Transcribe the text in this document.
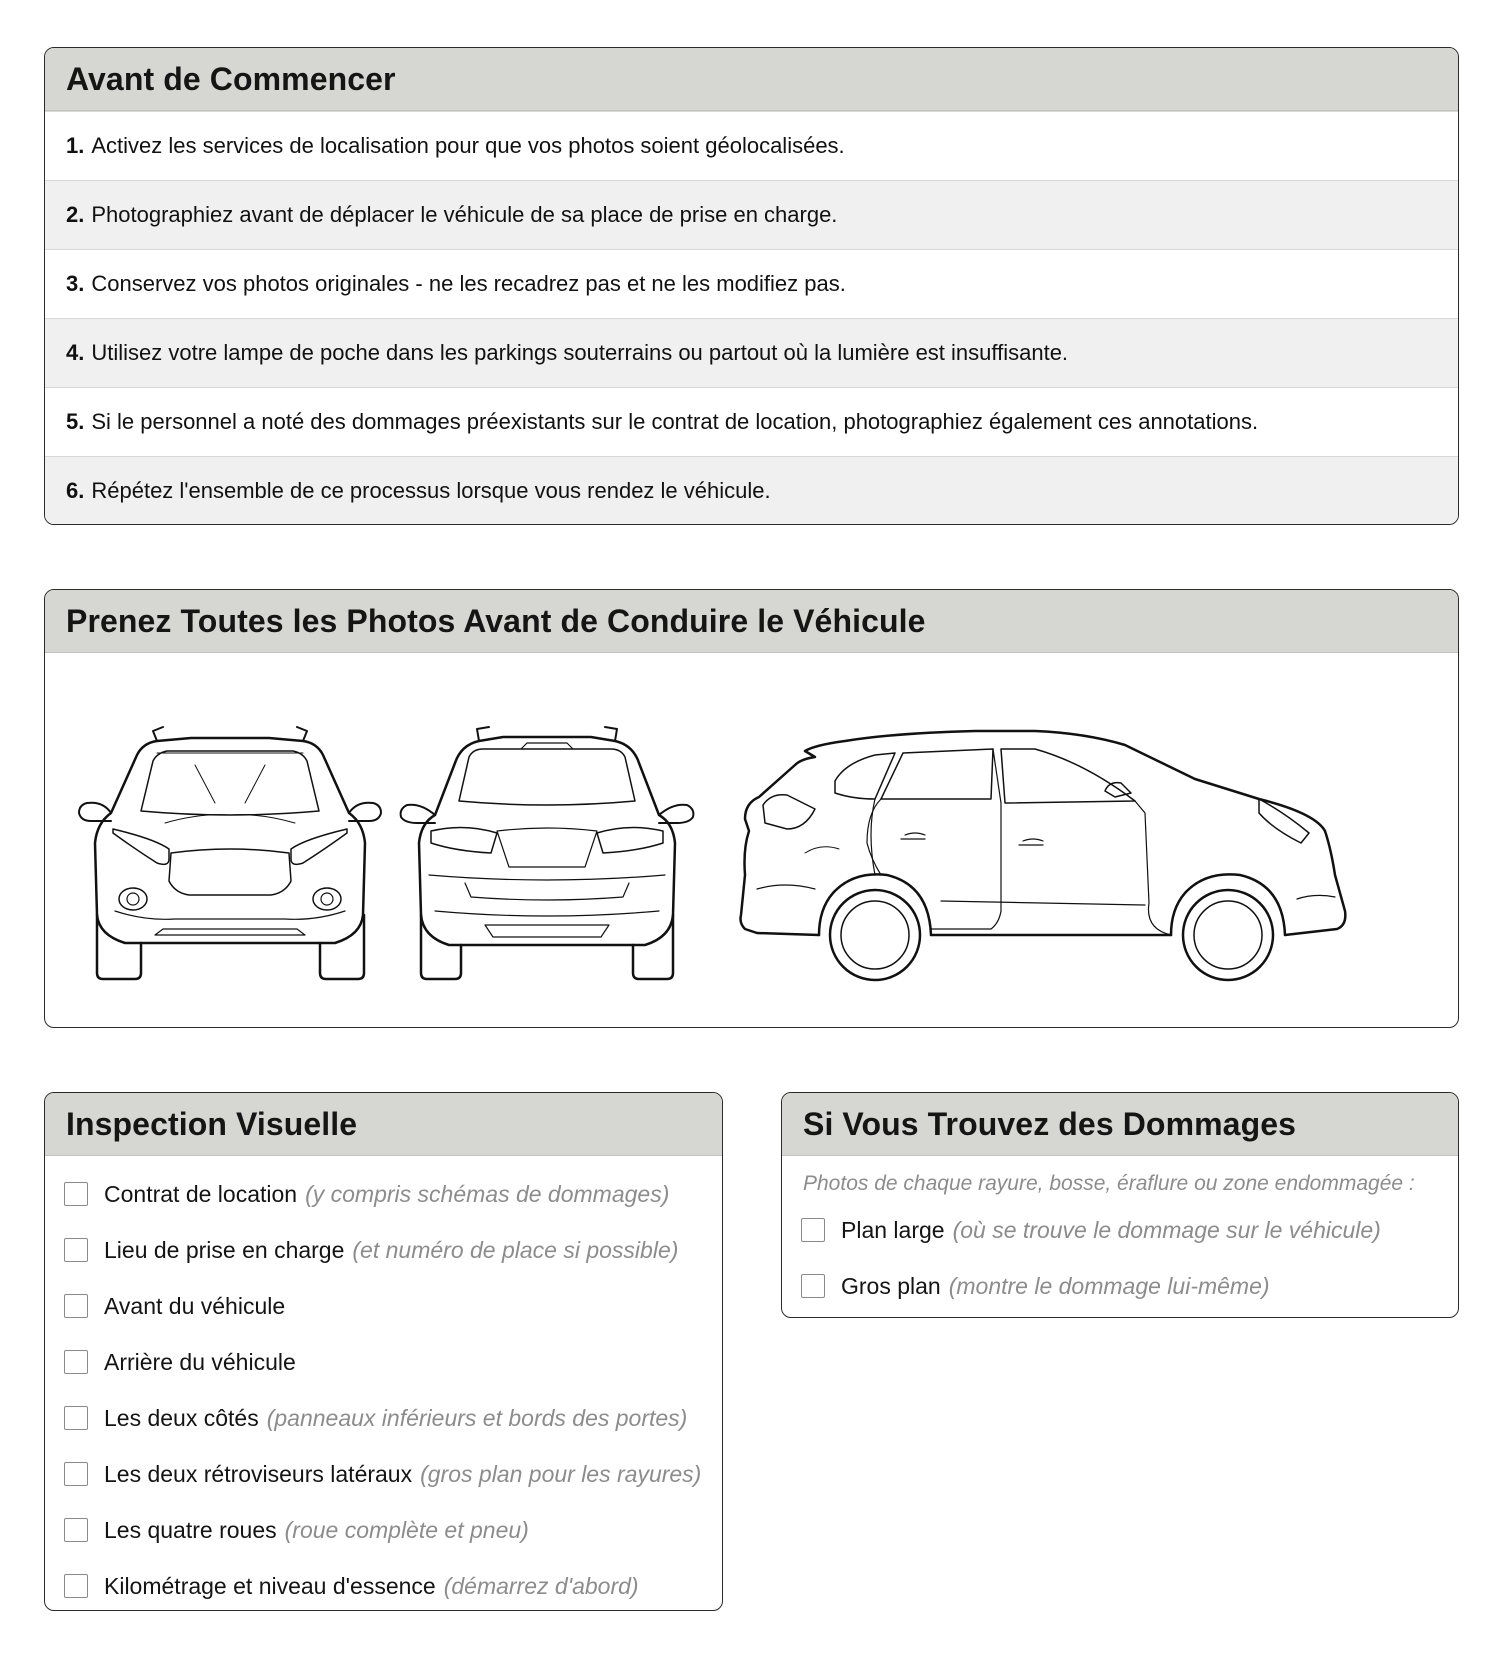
Avant de Commencer
1. Activez les services de localisation pour que vos photos soient géolocalisées.
2. Photographiez avant de déplacer le véhicule de sa place de prise en charge.
3. Conservez vos photos originales - ne les recadrez pas et ne les modifiez pas.
4. Utilisez votre lampe de poche dans les parkings souterrains ou partout où la lumière est insuffisante.
5. Si le personnel a noté des dommages préexistants sur le contrat de location, photographiez également ces annotations.
6. Répétez l'ensemble de ce processus lorsque vous rendez le véhicule.
Prenez Toutes les Photos Avant de Conduire le Véhicule
Inspection Visuelle
Contrat de location (y compris schémas de dommages)
Lieu de prise en charge (et numéro de place si possible)
Avant du véhicule
Arrière du véhicule
Les deux côtés (panneaux inférieurs et bords des portes)
Les deux rétroviseurs latéraux (gros plan pour les rayures)
Les quatre roues (roue complète et pneu)
Kilométrage et niveau d'essence (démarrez d'abord)
Si Vous Trouvez des Dommages
Photos de chaque rayure, bosse, éraflure ou zone endommagée :
Plan large (où se trouve le dommage sur le véhicule)
Gros plan (montre le dommage lui-même)
